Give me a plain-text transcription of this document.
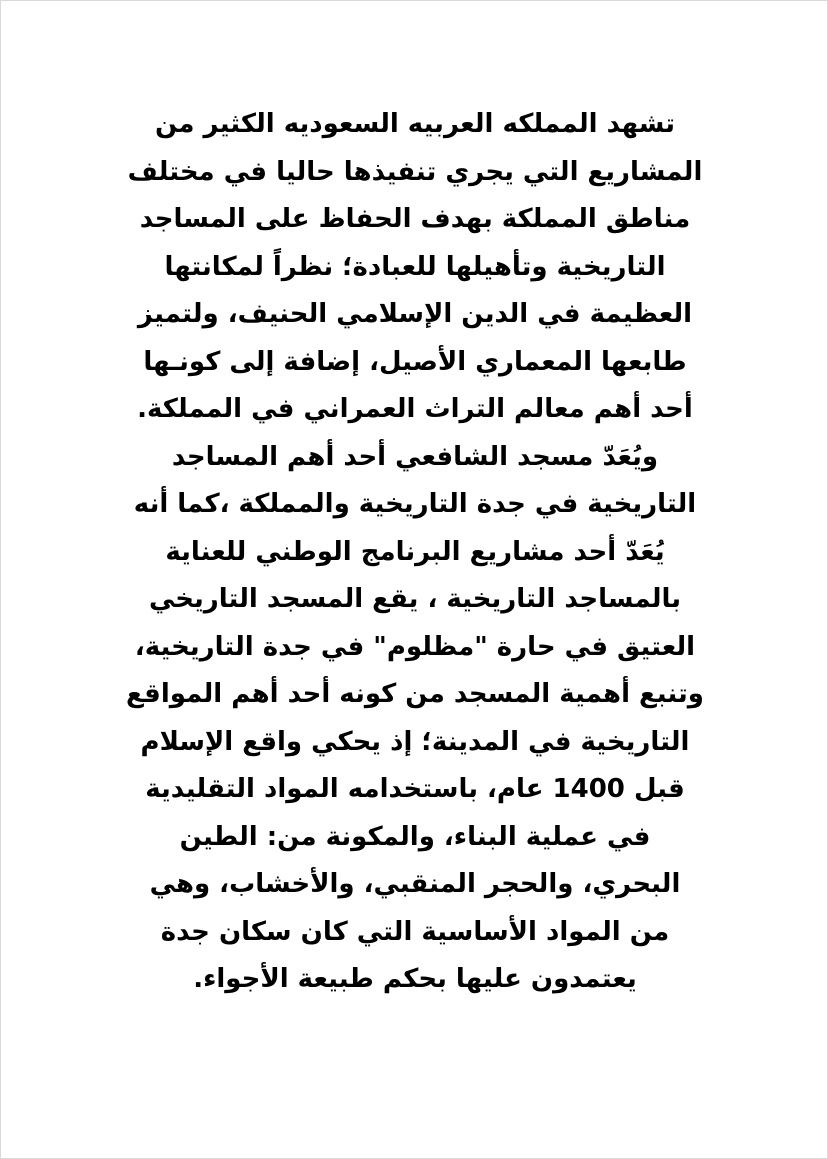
تشهد المملكه العربيه السعوديه الكثير من
المشاريع التي يجري تنفيذها حاليا في مختلف
مناطق المملكة بهدف الحفاظ على المساجد
التاريخية وتأهيلها للعبادة؛ نظراً لمكانتها
العظيمة في الدين الإسلامي الحنيف، ولتميز
طابعها المعماري الأصيل، إضافة إلى كونـها
أحد أهم معالم التراث العمراني في المملكة.
ويُعَدّ مسجد الشافعي أحد أهم المساجد
التاريخية في جدة التاريخية والمملكة ،كما أنه
يُعَدّ أحد مشاريع البرنامج الوطني للعناية
بالمساجد التاريخية ، يقع المسجد التاريخي
العتيق في حارة "مظلوم" في جدة التاريخية،
وتنبع أهمية المسجد من كونه أحد أهم المواقع
التاريخية في المدينة؛ إذ يحكي واقع الإسلام
قبل 1400 عام، باستخدامه المواد التقليدية
في عملية البناء، والمكونة من: الطين
البحري، والحجر المنقبي، والأخشاب، وهي
من المواد الأساسية التي كان سكان جدة
يعتمدون عليها بحكم طبيعة الأجواء.
